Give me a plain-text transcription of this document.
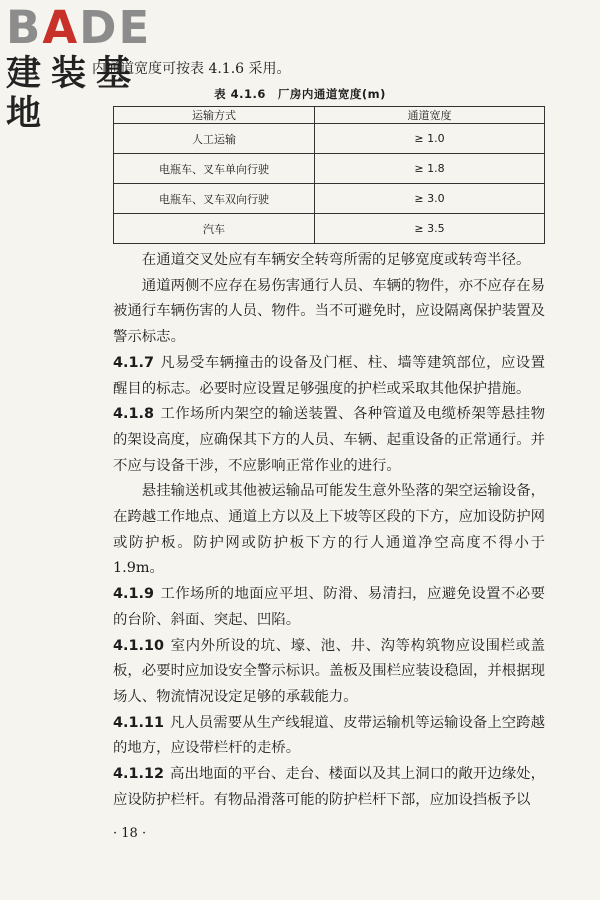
BADE
建装基地
内通道宽度可按表 4.1.6 采用。
表 4.1.6　厂房内通道宽度(m)
运输方式	通道宽度
人工运输	≥ 1.0
电瓶车、叉车单向行驶	≥ 1.8
电瓶车、叉车双向行驶	≥ 3.0
汽车	≥ 3.5

在通道交叉处应有车辆安全转弯所需的足够宽度或转弯半径。

通道两侧不应存在易伤害通行人员、车辆的物件，亦不应存在易被通行车辆伤害的人员、物件。当不可避免时，应设隔离保护装置及警示标志。

4.1.7 凡易受车辆撞击的设备及门框、柱、墙等建筑部位，应设置醒目的标志。必要时应设置足够强度的护栏或采取其他保护措施。

4.1.8 工作场所内架空的输送装置、各种管道及电缆桥架等悬挂物的架设高度，应确保其下方的人员、车辆、起重设备的正常通行。并不应与设备干涉，不应影响正常作业的进行。

悬挂输送机或其他被运输品可能发生意外坠落的架空运输设备，在跨越工作地点、通道上方以及上下坡等区段的下方，应加设防护网或防护板。防护网或防护板下方的行人通道净空高度不得小于 1.9m。

4.1.9 工作场所的地面应平坦、防滑、易清扫，应避免设置不必要的台阶、斜面、突起、凹陷。

4.1.10 室内外所设的坑、壕、池、井、沟等构筑物应设围栏或盖板，必要时应加设安全警示标识。盖板及围栏应装设稳固，并根据现场人、物流情况设定足够的承载能力。

4.1.11 凡人员需要从生产线辊道、皮带运输机等运输设备上空跨越的地方，应设带栏杆的走桥。

4.1.12 高出地面的平台、走台、楼面以及其上洞口的敞开边缘处，应设防护栏杆。有物品滑落可能的防护栏杆下部，应加设挡板予以

· 18 ·
